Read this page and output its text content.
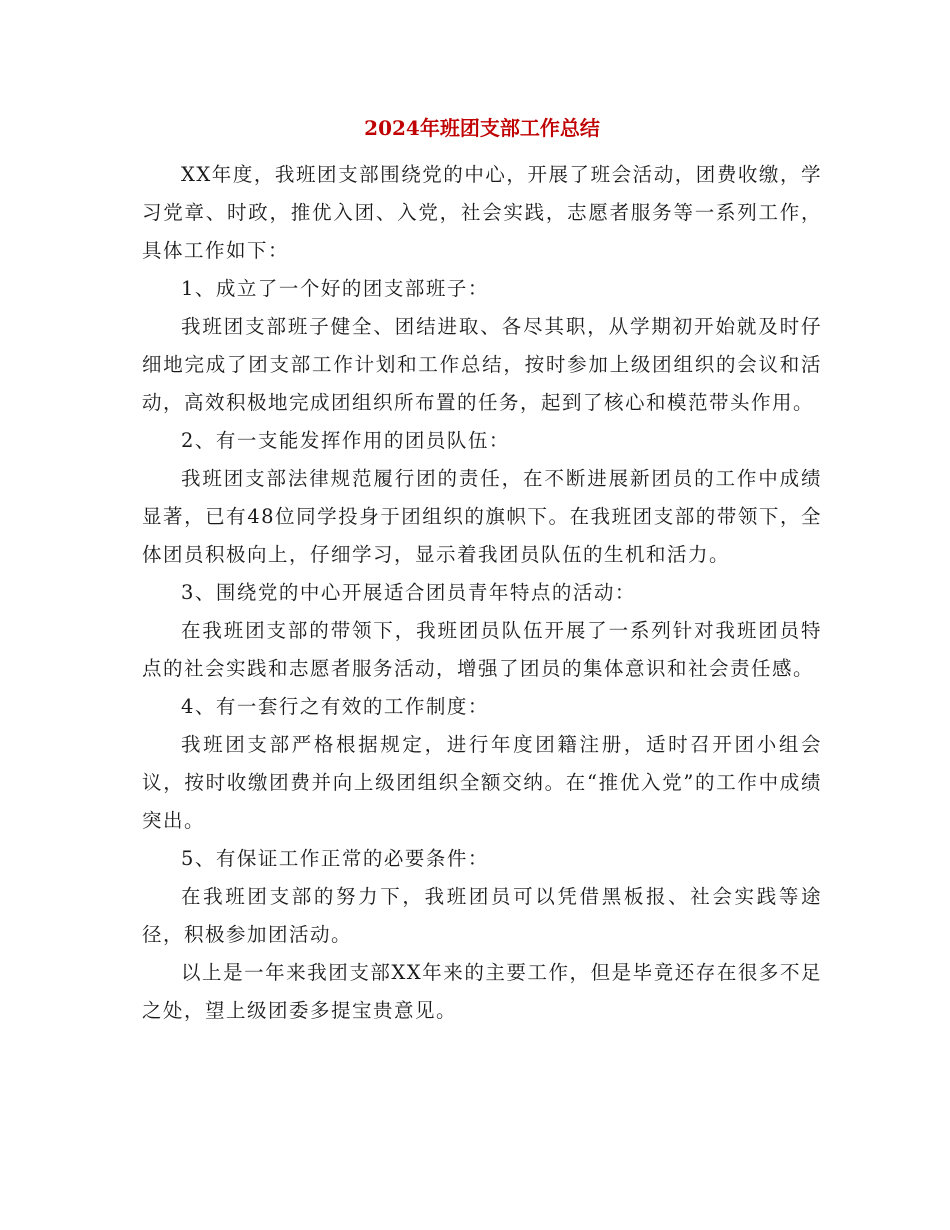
2024年班团支部工作总结

XX年度，我班团支部围绕党的中心，开展了班会活动，团费收缴，学习党章、时政，推优入团、入党，社会实践，志愿者服务等一系列工作，具体工作如下：

1、成立了一个好的团支部班子：

我班团支部班子健全、团结进取、各尽其职，从学期初开始就及时仔细地完成了团支部工作计划和工作总结，按时参加上级团组织的会议和活动，高效积极地完成团组织所布置的任务，起到了核心和模范带头作用。

2、有一支能发挥作用的团员队伍：

我班团支部法律规范履行团的责任，在不断进展新团员的工作中成绩显著，已有48位同学投身于团组织的旗帜下。在我班团支部的带领下，全体团员积极向上，仔细学习，显示着我团员队伍的生机和活力。

3、围绕党的中心开展适合团员青年特点的活动：

在我班团支部的带领下，我班团员队伍开展了一系列针对我班团员特点的社会实践和志愿者服务活动，增强了团员的集体意识和社会责任感。

4、有一套行之有效的工作制度：

我班团支部严格根据规定，进行年度团籍注册，适时召开团小组会议，按时收缴团费并向上级团组织全额交纳。在“推优入党”的工作中成绩突出。

5、有保证工作正常的必要条件：

在我班团支部的努力下，我班团员可以凭借黑板报、社会实践等途径，积极参加团活动。

以上是一年来我团支部XX年来的主要工作，但是毕竟还存在很多不足之处，望上级团委多提宝贵意见。
